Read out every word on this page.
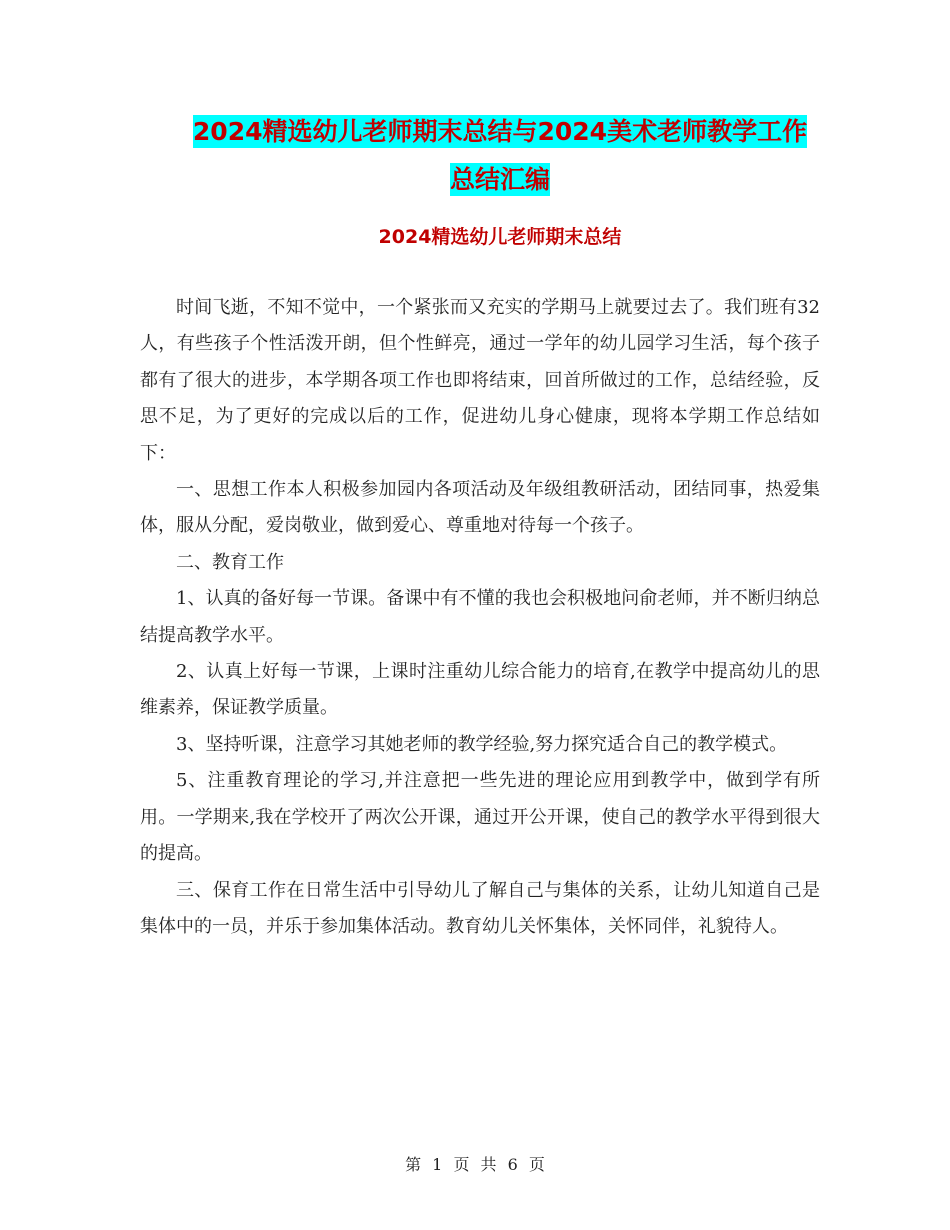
2024精选幼儿老师期末总结与2024美术老师教学工作
总结汇编
2024精选幼儿老师期末总结

时间飞逝，不知不觉中，一个紧张而又充实的学期马上就要过去了。我们班有32人，有些孩子个性活泼开朗，但个性鲜亮，通过一学年的幼儿园学习生活，每个孩子都有了很大的进步，本学期各项工作也即将结束，回首所做过的工作，总结经验，反思不足，为了更好的完成以后的工作，促进幼儿身心健康，现将本学期工作总结如下：

一、思想工作本人积极参加园内各项活动及年级组教研活动，团结同事，热爱集体，服从分配，爱岗敬业，做到爱心、尊重地对待每一个孩子。

二、教育工作

1、认真的备好每一节课。备课中有不懂的我也会积极地问俞老师，并不断归纳总结提高教学水平。

2、认真上好每一节课，上课时注重幼儿综合能力的培育,在教学中提高幼儿的思维素养，保证教学质量。

3、坚持听课，注意学习其她老师的教学经验,努力探究适合自己的教学模式。

5、注重教育理论的学习,并注意把一些先进的理论应用到教学中，做到学有所用。一学期来,我在学校开了两次公开课，通过开公开课，使自己的教学水平得到很大的提高。

三、保育工作在日常生活中引导幼儿了解自己与集体的关系，让幼儿知道自己是集体中的一员，并乐于参加集体活动。教育幼儿关怀集体，关怀同伴，礼貌待人。

第 1 页 共 6 页
